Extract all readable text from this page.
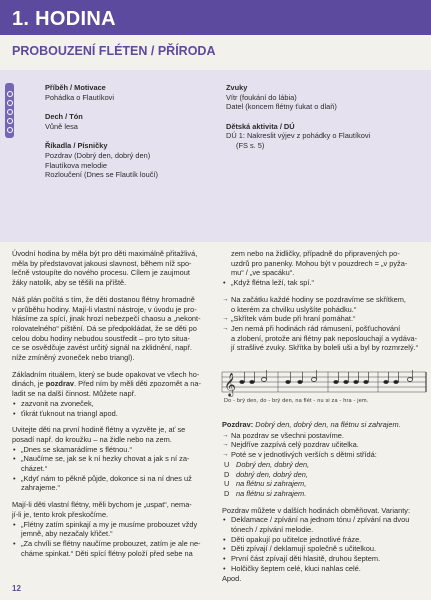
1. HODINA
PROBOUZENÍ FLÉTEN / PŘÍRODA
Příběh / Motivace
Pohádka o Flautíkovi
Dech / Tón
Vůně lesa
Říkadla / Písničky
Pozdrav (Dobrý den, dobrý den)
Flautíkova melodie
Rozloučení (Dnes se Flautík loučí)
Zvuky
Vítr (foukání do lábia)
Datel (koncem flétny ťukat o dlaň)
Dětská aktivita / DÚ
DÚ 1: Nakreslit výjev z pohádky o Flautíkovi
(FS s. 5)

Úvodní hodina by měla být pro děti maximálně přitažlivá,
měla by představovat jakousi slavnost, během níž spo-
lečně vstoupíte do nového procesu. Cílem je zaujmout
žáky natolik, aby se těšili na příště.

Náš plán počítá s tím, že děti dostanou flétny hromadně
v průběhu hodiny. Mají-li vlastní nástroje, v úvodu je pro-
hlásíme za spící, jinak hrozí nebezpečí chaosu a „nekont-
rolovatelného“ pištění. Dá se předpokládat, že se děti po
celou dobu hodiny nebudou soustředit – pro tyto situa-
ce se osvědčuje zavést určitý signál na zklidnění, např.
níže zmíněný zvoneček nebo triangl).

Základním rituálem, který se bude opakovat ve všech ho-
dinách, je pozdrav. Před ním by měli děti zpozornět a na-
ladit se na další činnost. Můžete např.
• zazvonit na zvoneček,
• ťikrát ťuknout na triangl apod.
Uvitejte děti na první hodině flétny a vyzvěte je, ať se
posadí např. do kroužku – na židle nebo na zem.
• „Dnes se skamarádíme s flétnou.“
• „Naučíme se, jak se k ní hezky chovat a jak s ní za-
cházet.“
• „Kdyť nám to pěkně půjde, dokonce si na ní dnes už
zahrajeme.“
Mají-li děti vlastní flétny, měli bychom je „uspat“, nema-
jí-li je, tento krok přeskočíme.
• „Flétny zatím spinkají a my je musíme probouzet vždy
jemně, aby nezačaly křičet.“
• „Za chvíli se flétny naučíme probouzet, zatím je ale ne-
cháme spinkat.“ Děti spící flétny položí před sebe na
zem nebo na židličky, případně do připravených po-
uzdrů pro panenky. Mohou být v pouzdrech = „v pyža-
mu“ / „ve spacáku“.
• „Když flétna leží, tak spí.“
→ Na začátku každé hodiny se pozdravíme se skřítkem,
o kterém za chvilku uslyšíte pohádku.“
→ „Skřítek vám bude při hraní pomáhat.“
→ Jen nemá při hodinách rád rámusení, pošťuchování
a zlobení, protože ani flétny pak neposlouchají a vydáva-
jí strašlivé zvuky. Skřítka by boleli uši a byl by rozmrzelý.“
𝄞
Do - brý den, do - brý den, na flét - nu si za - hra - jem.
Pozdrav: Dobrý den, dobrý den, na flétnu si zahrajem.
→ Na pozdrav se všechni postavíme.
→ Nejdříve zazpívá celý pozdrav učitelka.
→ Poté se v jednotlivých verších s dětmi střídá:
U Dobrý den, dobrý den,
D dobrý den, dobrý den,
U na flétnu si zahrajem,
D na flétnu si zahrajem.
Pozdrav můžete v dalších hodinách obměňovat. Varianty:
• Deklamace / zpívání na jednom tónu / zpívání na dvou
tónech / zpívání melodie.
• Děti opakují po učitelce jednotlivé fráze.
• Děti zpívají / deklamují společně s učitelkou.
• První část zpívají děti hlasitě, druhou šeptem.
• Holčičky šeptem celé, kluci nahlas celé.
Apod.
12
